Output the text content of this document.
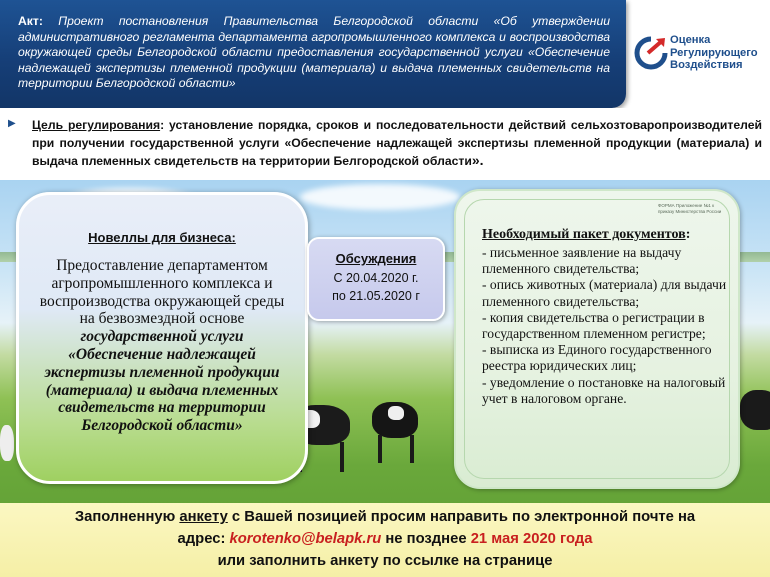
Акт: Проект постановления Правительства Белгородской области «Об утверждении административного регламента департамента агропромышленного комплекса и воспроизводства окружающей среды Белгородской области предоставления государственной услуги «Обеспечение надлежащей экспертизы племенной продукции (материала) и выдача племенных свидетельств на территории Белгородской области»
Оценка
Регулирующего
Воздействия
▶ Цель регулирования: установление порядка, сроков и последовательности действий сельхозтоваропроизводителей при получении государственной услуги «Обеспечение надлежащей экспертизы племенной продукции (материала) и выдача племенных свидетельств на территории Белгородской области».
Новеллы для бизнеса:
Предоставление департаментом агропромышленного комплекса и воспроизводства окружающей среды на безвозмездной основе государственной услуги «Обеспечение надлежащей экспертизы племенной продукции (материала) и выдача племенных свидетельств на территории Белгородской области»
Обсуждения
С 20.04.2020 г.
по 21.05.2020 г
ФОРМА Приложение №1 к приказу Министерства России
Необходимый пакет документов:
- письменное заявление на выдачу племенного свидетельства;
- опись животных (материала) для выдачи племенного свидетельства;
- копия свидетельства о регистрации в государственном племенном регистре;
- выписка из Единого государственного реестра юридических лиц;
- уведомление о постановке на налоговый учет в налоговом органе.
Заполненную анкету с Вашей позицией просим направить по электронной почте на
адрес: korotenko@belapk.ru не позднее 21 мая 2020 года
или заполнить анкету по ссылке на странице
